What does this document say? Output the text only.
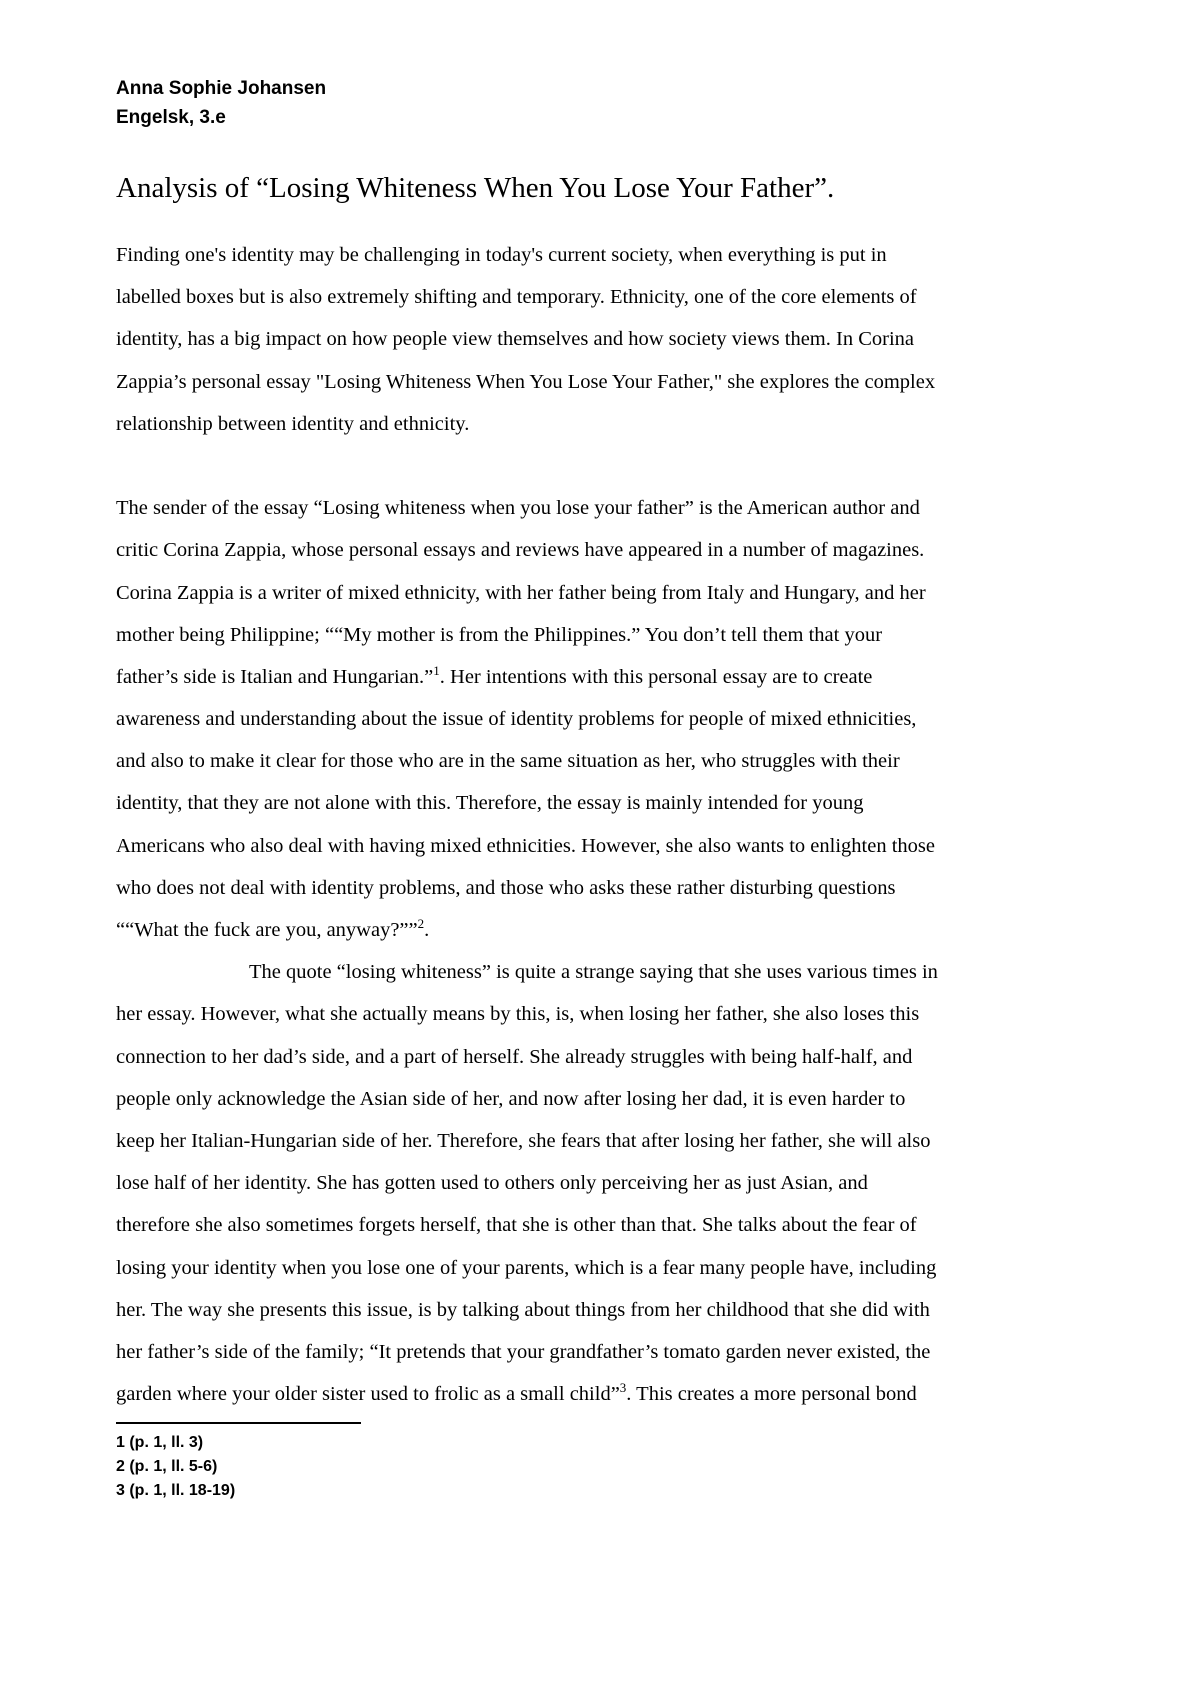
Anna Sophie Johansen
Engelsk, 3.e
Analysis of “Losing Whiteness When You Lose Your Father”.
Finding one's identity may be challenging in today's current society, when everything is put in
labelled boxes but is also extremely shifting and temporary. Ethnicity, one of the core elements of
identity, has a big impact on how people view themselves and how society views them. In Corina
Zappia’s personal essay "Losing Whiteness When You Lose Your Father," she explores the complex
relationship between identity and ethnicity.
The sender of the essay “Losing whiteness when you lose your father” is the American author and
critic Corina Zappia, whose personal essays and reviews have appeared in a number of magazines.
Corina Zappia is a writer of mixed ethnicity, with her father being from Italy and Hungary, and her
mother being Philippine; ““My mother is from the Philippines.” You don’t tell them that your
father’s side is Italian and Hungarian.”$^1$. Her intentions with this personal essay are to create
awareness and understanding about the issue of identity problems for people of mixed ethnicities,
and also to make it clear for those who are in the same situation as her, who struggles with their
identity, that they are not alone with this. Therefore, the essay is mainly intended for young
Americans who also deal with having mixed ethnicities. However, she also wants to enlighten those
who does not deal with identity problems, and those who asks these rather disturbing questions
““What the fuck are you, anyway?””$^2$.
The quote “losing whiteness” is quite a strange saying that she uses various times in
her essay. However, what she actually means by this, is, when losing her father, she also loses this
connection to her dad’s side, and a part of herself. She already struggles with being half-half, and
people only acknowledge the Asian side of her, and now after losing her dad, it is even harder to
keep her Italian-Hungarian side of her. Therefore, she fears that after losing her father, she will also
lose half of her identity. She has gotten used to others only perceiving her as just Asian, and
therefore she also sometimes forgets herself, that she is other than that. She talks about the fear of
losing your identity when you lose one of your parents, which is a fear many people have, including
her. The way she presents this issue, is by talking about things from her childhood that she did with
her father’s side of the family; “It pretends that your grandfather’s tomato garden never existed, the
garden where your older sister used to frolic as a small child”$^3$. This creates a more personal bond
1 (p. 1, ll. 3)
2 (p. 1, ll. 5-6)
3 (p. 1, ll. 18-19)
